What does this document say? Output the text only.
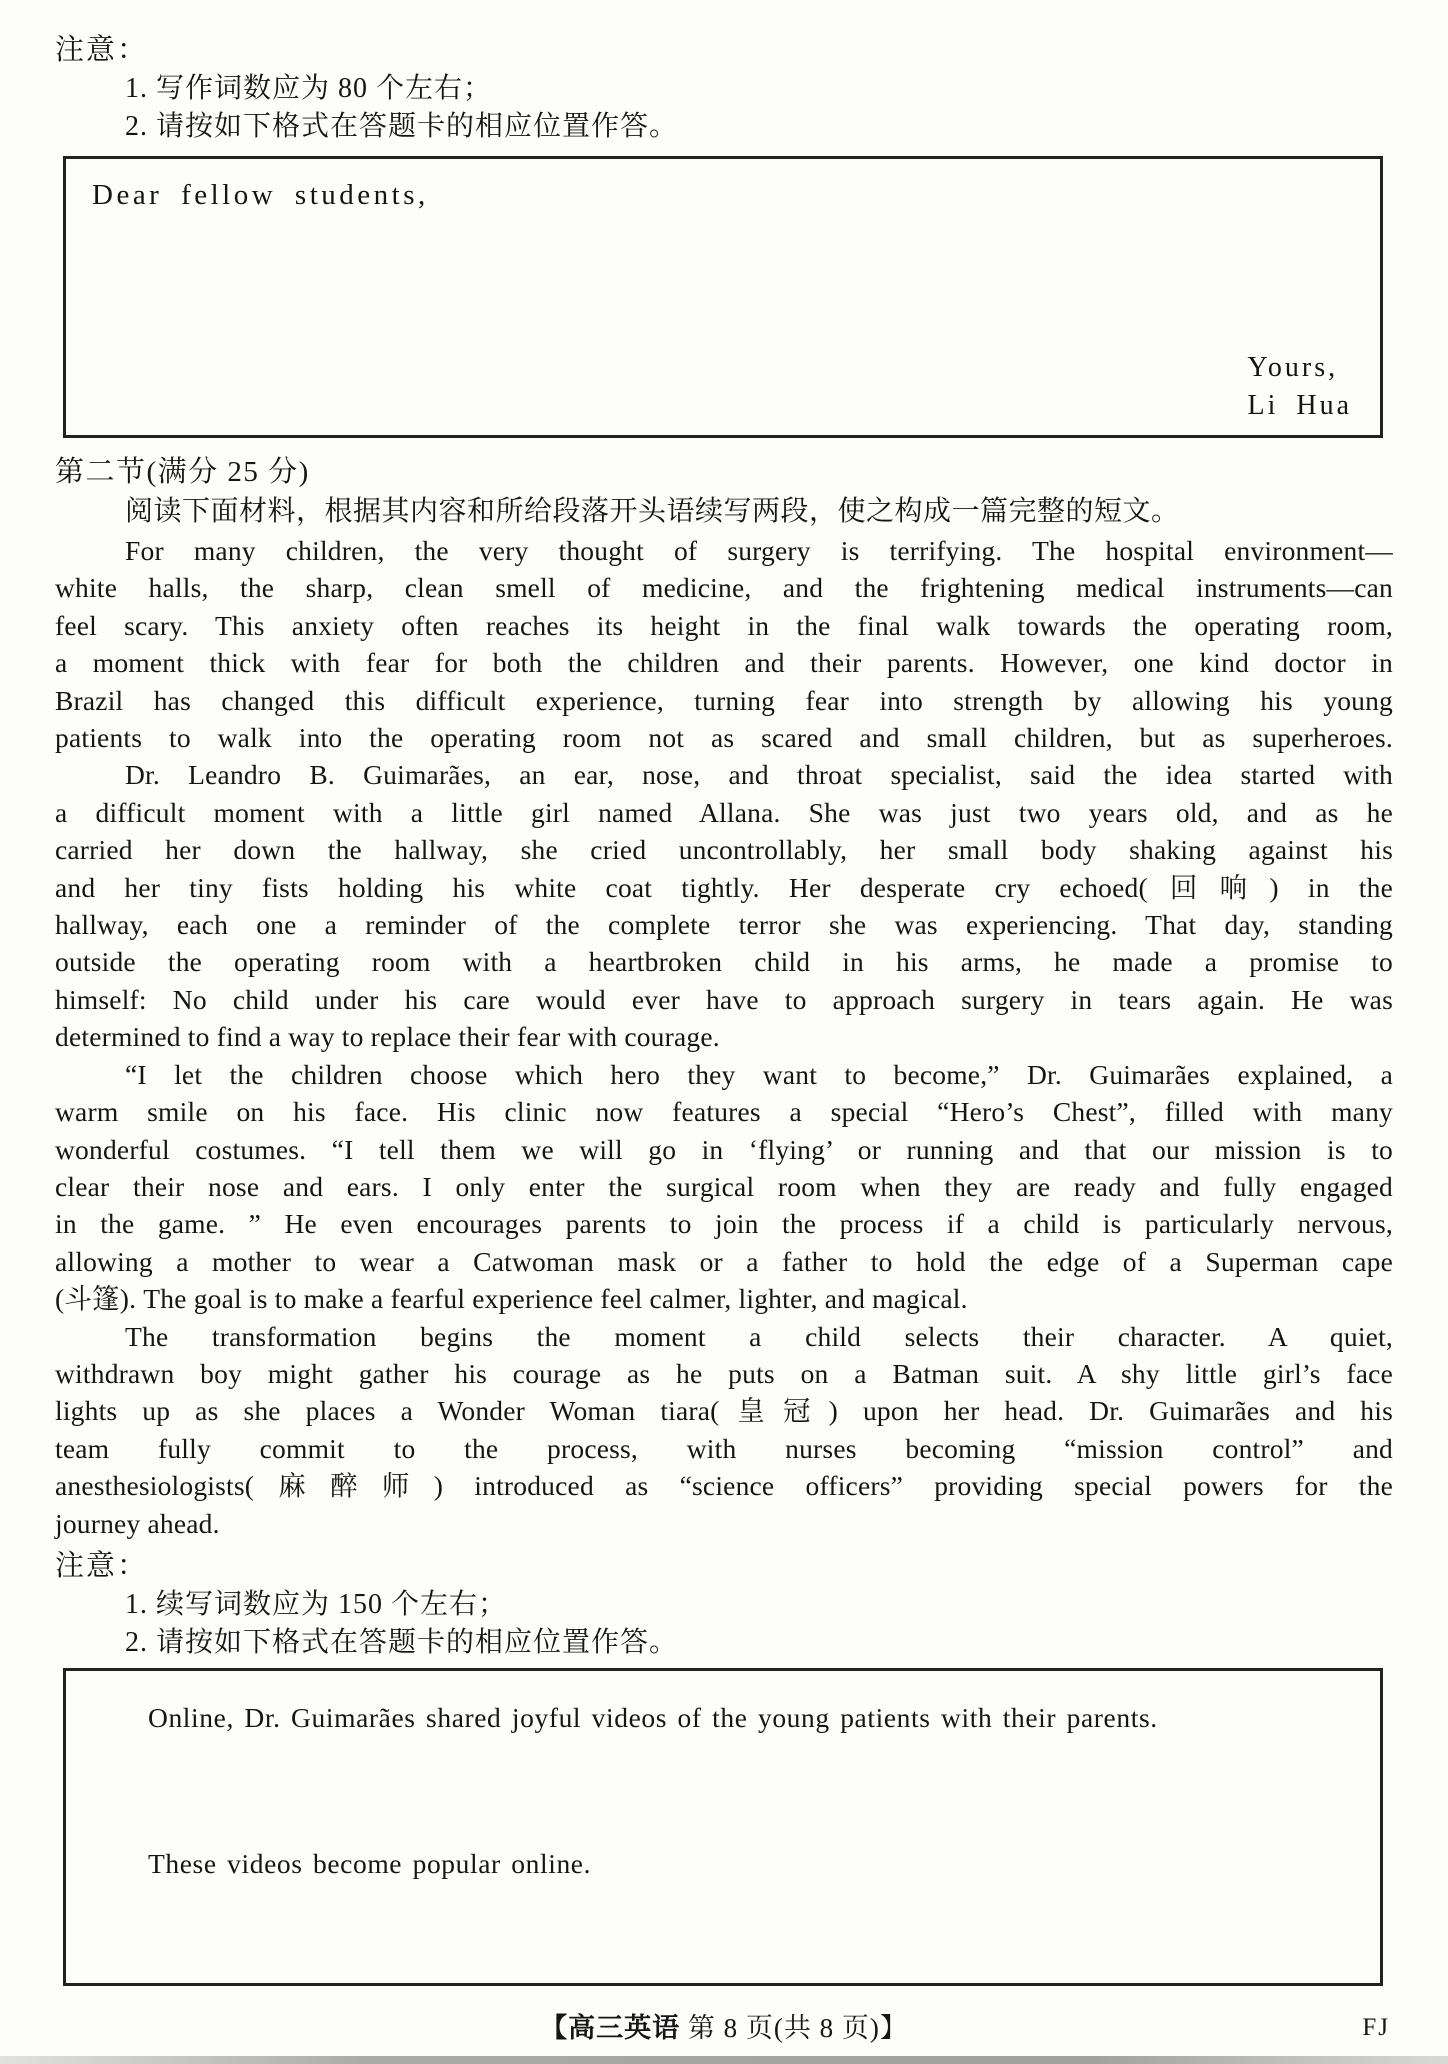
注意：
1. 写作词数应为 80 个左右；
2. 请按如下格式在答题卡的相应位置作答。
Dear fellow students,
Yours,
Li Hua
第二节(满分 25 分)
阅读下面材料，根据其内容和所给段落开头语续写两段，使之构成一篇完整的短文。
For many children, the very thought of surgery is terrifying. The hospital environment—
white halls, the sharp, clean smell of medicine, and the frightening medical instruments—can
feel scary. This anxiety often reaches its height in the final walk towards the operating room,
a moment thick with fear for both the children and their parents. However, one kind doctor in
Brazil has changed this difficult experience, turning fear into strength by allowing his young
patients to walk into the operating room not as scared and small children, but as superheroes.
Dr. Leandro B. Guimarães, an ear, nose, and throat specialist, said the idea started with
a difficult moment with a little girl named Allana. She was just two years old, and as he
carried her down the hallway, she cried uncontrollably, her small body shaking against his
and her tiny fists holding his white coat tightly. Her desperate cry echoed(回响) in the
hallway, each one a reminder of the complete terror she was experiencing. That day, standing
outside the operating room with a heartbroken child in his arms, he made a promise to
himself: No child under his care would ever have to approach surgery in tears again. He was
determined to find a way to replace their fear with courage.
“I let the children choose which hero they want to become,” Dr. Guimarães explained, a
warm smile on his face. His clinic now features a special “Hero’s Chest”, filled with many
wonderful costumes. “I tell them we will go in ‘flying’ or running and that our mission is to
clear their nose and ears. I only enter the surgical room when they are ready and fully engaged
in the game. ” He even encourages parents to join the process if a child is particularly nervous,
allowing a mother to wear a Catwoman mask or a father to hold the edge of a Superman cape
(斗篷). The goal is to make a fearful experience feel calmer, lighter, and magical.
The transformation begins the moment a child selects their character. A quiet,
withdrawn boy might gather his courage as he puts on a Batman suit. A shy little girl’s face
lights up as she places a Wonder Woman tiara(皇冠) upon her head. Dr. Guimarães and his
team fully commit to the process, with nurses becoming “mission control” and
anesthesiologists(麻醉师) introduced as “science officers” providing special powers for the
journey ahead.
注意：
1. 续写词数应为 150 个左右；
2. 请按如下格式在答题卡的相应位置作答。
Online, Dr. Guimarães shared joyful videos of the young patients with their parents.
These videos become popular online.
【高三英语 第 8 页(共 8 页)】	FJ
